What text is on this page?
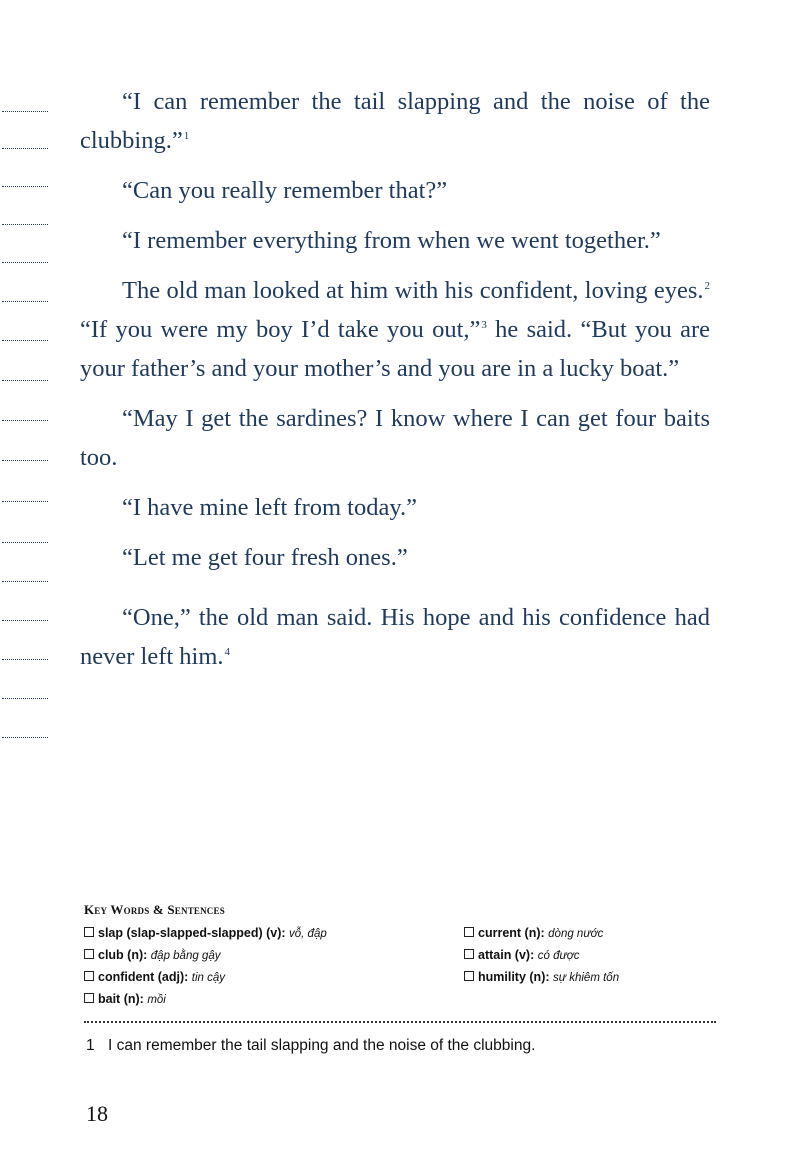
“I can remember the tail slapping and the noise of the clubbing.”$^1$

“Can you really remember that?”

“I remember everything from when we went together.”

The old man looked at him with his confident, loving eyes.$^2$ “If you were my boy I’d take you out,”$^3$ he said. “But you are your father’s and your mother’s and you are in a lucky boat.”

“May I get the sardines? I know where I can get four baits too.

“I have mine left from today.”

“Let me get four fresh ones.”

“One,” the old man said. His hope and his confidence had never left him.$^4$

Key Words & Sentences
slap (slap-slapped-slapped) (v): vỗ, đập	current (n): dòng nước
club (n): đập bằng gậy	attain (v): có được
confident (adj): tin cậy	humility (n): sự khiêm tốn
bait (n): mồi
1 I can remember the tail slapping and the noise of the clubbing.
18
